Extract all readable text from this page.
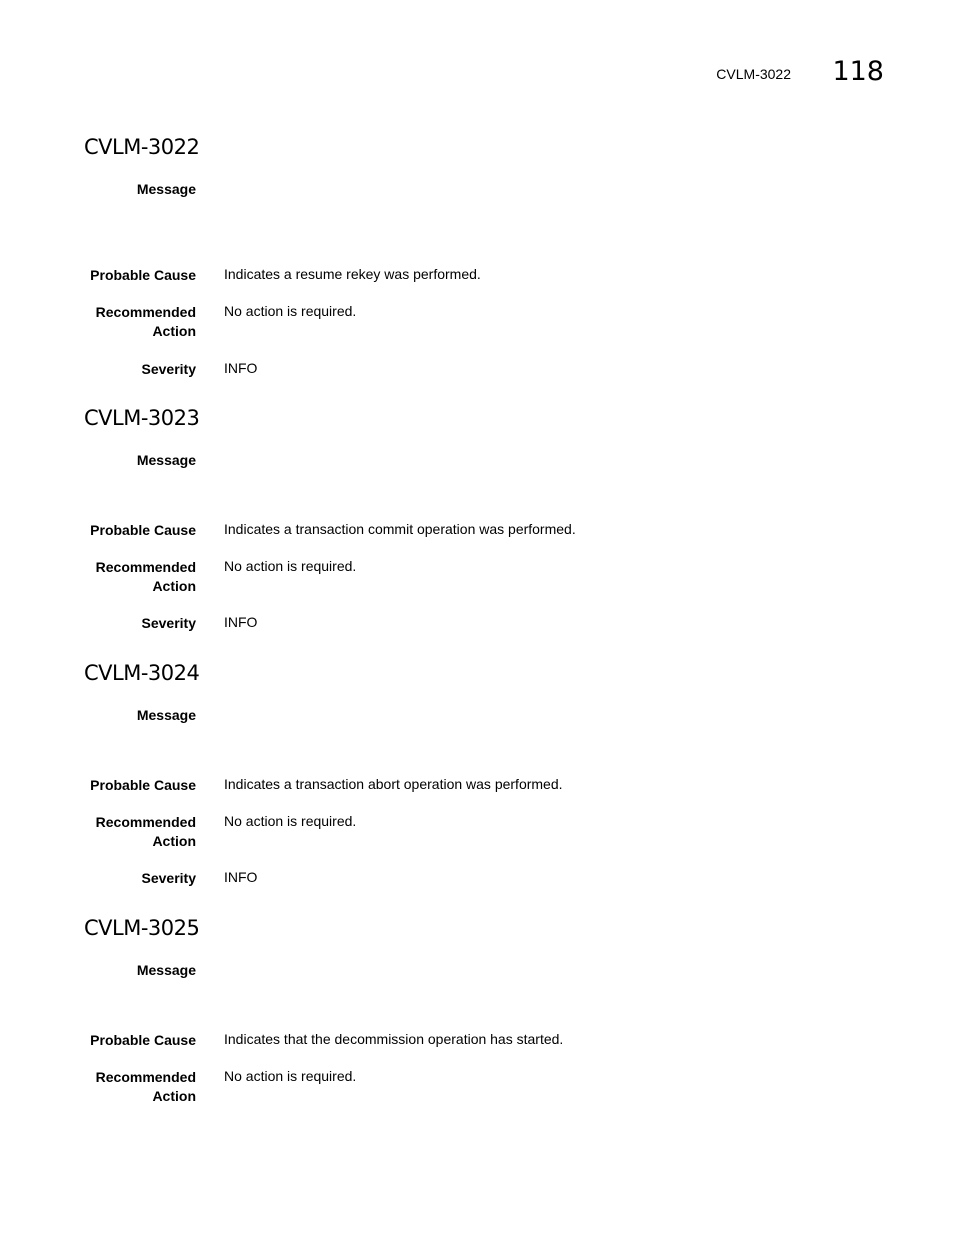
CVLM-3022 118
CVLM-3022
Message
Probable Cause Indicates a resume rekey was performed.
Recommended
Action
No action is required.
Severity INFO
CVLM-3023
Message
Probable Cause Indicates a transaction commit operation was performed.
Recommended
Action
No action is required.
Severity INFO
CVLM-3024
Message
Probable Cause Indicates a transaction abort operation was performed.
Recommended
Action
No action is required.
Severity INFO
CVLM-3025
Message
Probable Cause Indicates that the decommission operation has started.
Recommended
Action
No action is required.
